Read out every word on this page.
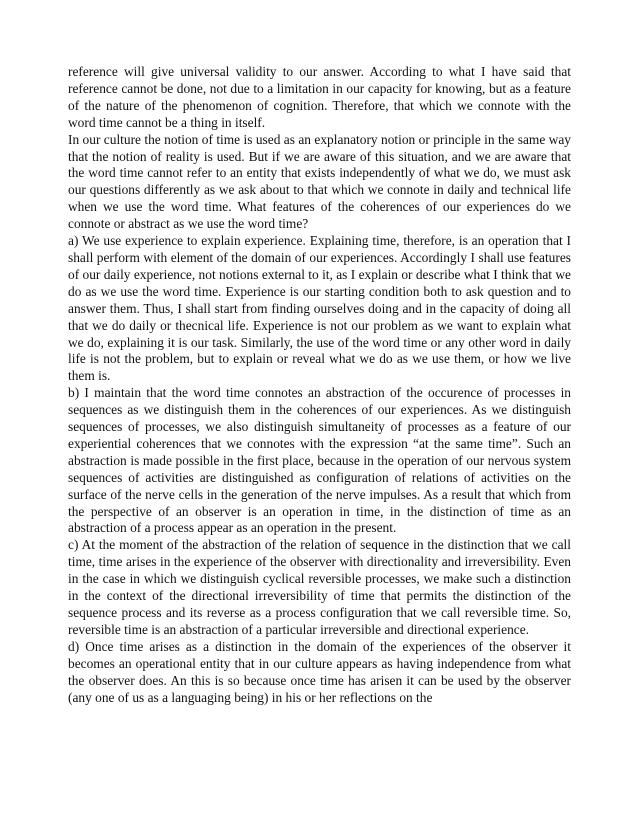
reference will give universal validity to our answer. According to what I have said that reference cannot be done, not due to a limitation in our capacity for knowing, but as a feature of the nature of the phenomenon of cognition. Therefore, that which we connote with the word time cannot be a thing in itself.

In our culture the notion of time is used as an explanatory notion or principle in the same way that the notion of reality is used. But if we are aware of this situation, and we are aware that the word time cannot refer to an entity that exists independently of what we do, we must ask our questions differently as we ask about to that which we connote in daily and technical life when we use the word time. What features of the coherences of our experiences do we connote or abstract as we use the word time?

a) We use experience to explain experience. Explaining time, therefore, is an operation that I shall perform with element of the domain of our experiences. Accordingly I shall use features of our daily experience, not notions external to it, as I explain or describe what I think that we do as we use the word time. Experience is our starting condition both to ask question and to answer them. Thus, I shall start from finding ourselves doing and in the capacity of doing all that we do daily or thecnical life. Experience is not our problem as we want to explain what we do, explaining it is our task. Similarly, the use of the word time or any other word in daily life is not the problem, but to explain or reveal what we do as we use them, or how we live them is.

b) I maintain that the word time connotes an abstraction of the occurence of processes in sequences as we distinguish them in the coherences of our experiences. As we distinguish sequences of processes, we also distinguish simultaneity of processes as a feature of our experiential coherences that we connotes with the expression “at the same time”. Such an abstraction is made possible in the first place, because in the operation of our nervous system sequences of activities are distinguished as configuration of relations of activities on the surface of the nerve cells in the generation of the nerve impulses. As a result that which from the perspective of an observer is an operation in time, in the distinction of time as an abstraction of a process appear as an operation in the present.

c) At the moment of the abstraction of the relation of sequence in the distinction that we call time, time arises in the experience of the observer with directionality and irreversibility. Even in the case in which we distinguish cyclical reversible processes, we make such a distinction in the context of the directional irreversibility of time that permits the distinction of the sequence process and its reverse as a process configuration that we call reversible time. So, reversible time is an abstraction of a particular irreversible and directional experience.

d) Once time arises as a distinction in the domain of the experiences of the observer it becomes an operational entity that in our culture appears as having independence from what the observer does. An this is so because once time has arisen it can be used by the observer (any one of us as a languaging being) in his or her reflections on the
